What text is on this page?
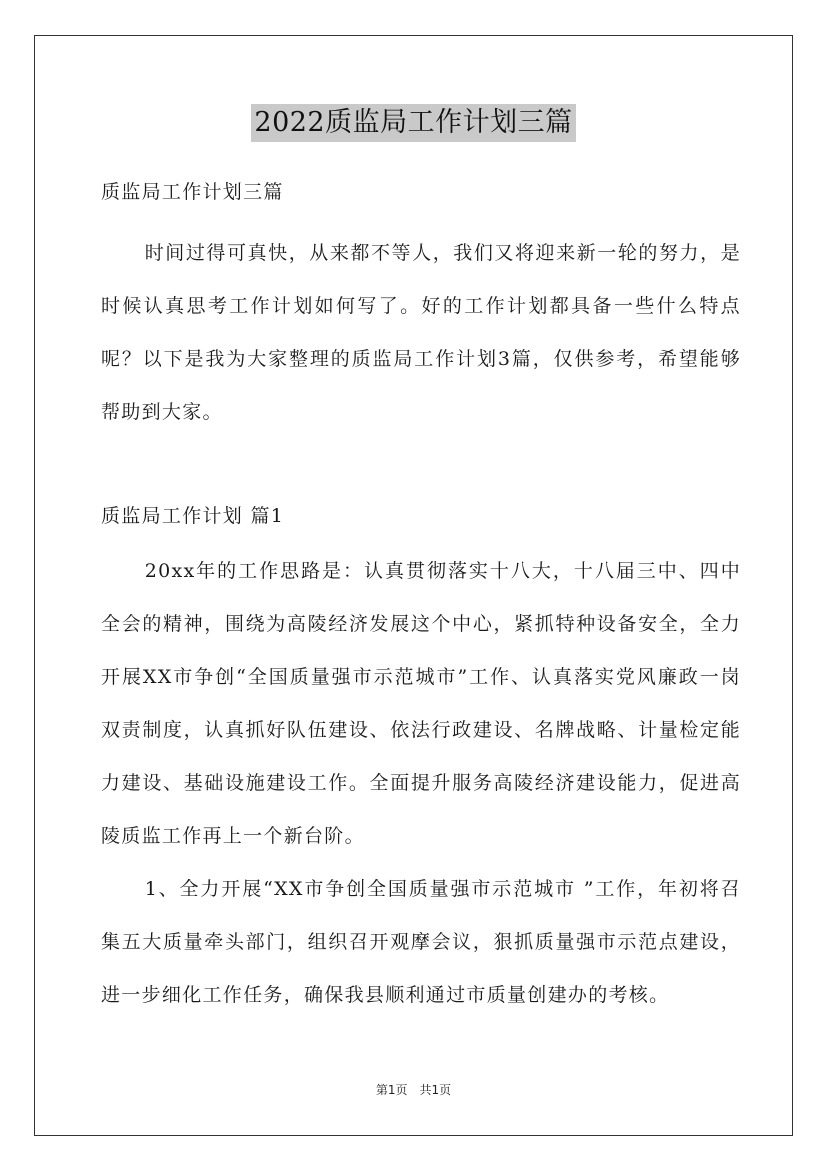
2022质监局工作计划三篇

质监局工作计划三篇

时间过得可真快，从来都不等人，我们又将迎来新一轮的努力，是时候认真思考工作计划如何写了。好的工作计划都具备一些什么特点呢？以下是我为大家整理的质监局工作计划3篇，仅供参考，希望能够帮助到大家。

质监局工作计划 篇1

20xx年的工作思路是：认真贯彻落实十八大，十八届三中、四中全会的精神，围绕为高陵经济发展这个中心，紧抓特种设备安全，全力开展XX市争创“全国质量强市示范城市”工作、认真落实党风廉政一岗双责制度，认真抓好队伍建设、依法行政建设、名牌战略、计量检定能力建设、基础设施建设工作。全面提升服务高陵经济建设能力，促进高陵质监工作再上一个新台阶。

1、全力开展“XX市争创全国质量强市示范城市 ”工作，年初将召集五大质量牵头部门，组织召开观摩会议，狠抓质量强市示范点建设，进一步细化工作任务，确保我县顺利通过市质量创建办的考核。

第1页　共1页
